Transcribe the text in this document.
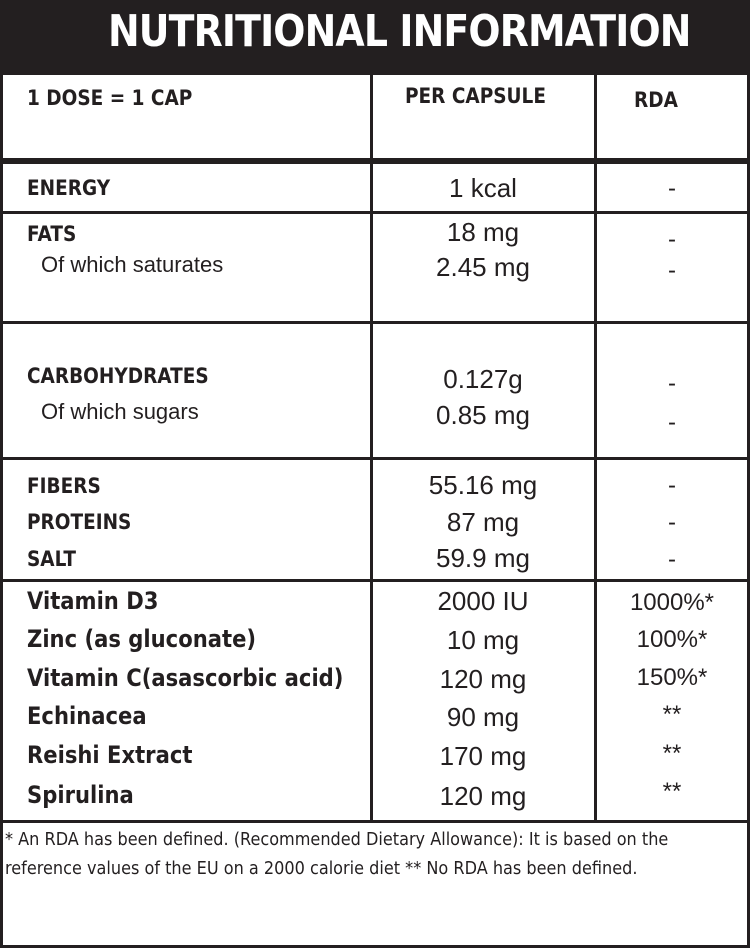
NUTRITIONAL INFORMATION
1 DOSE = 1 CAP	PER CAPSULE	RDA
ENERGY	1 kcal	-
FATS	18 mg	-
Of which saturates	2.45 mg	-
CARBOHYDRATES	0.127g	-
Of which sugars	0.85 mg	-
FIBERS	55.16 mg	-
PROTEINS	87 mg	-
SALT	59.9 mg	-
Vitamin D3	2000 IU	1000%*
Zinc (as gluconate)	10 mg	100%*
Vitamin C(asascorbic acid)	120 mg	150%*
Echinacea	90 mg	**
Reishi Extract	170 mg	**
Spirulina	120 mg	**
* An RDA has been defined. (Recommended Dietary Allowance): It is based on the reference values of the EU on a 2000 calorie diet ** No RDA has been defined.
